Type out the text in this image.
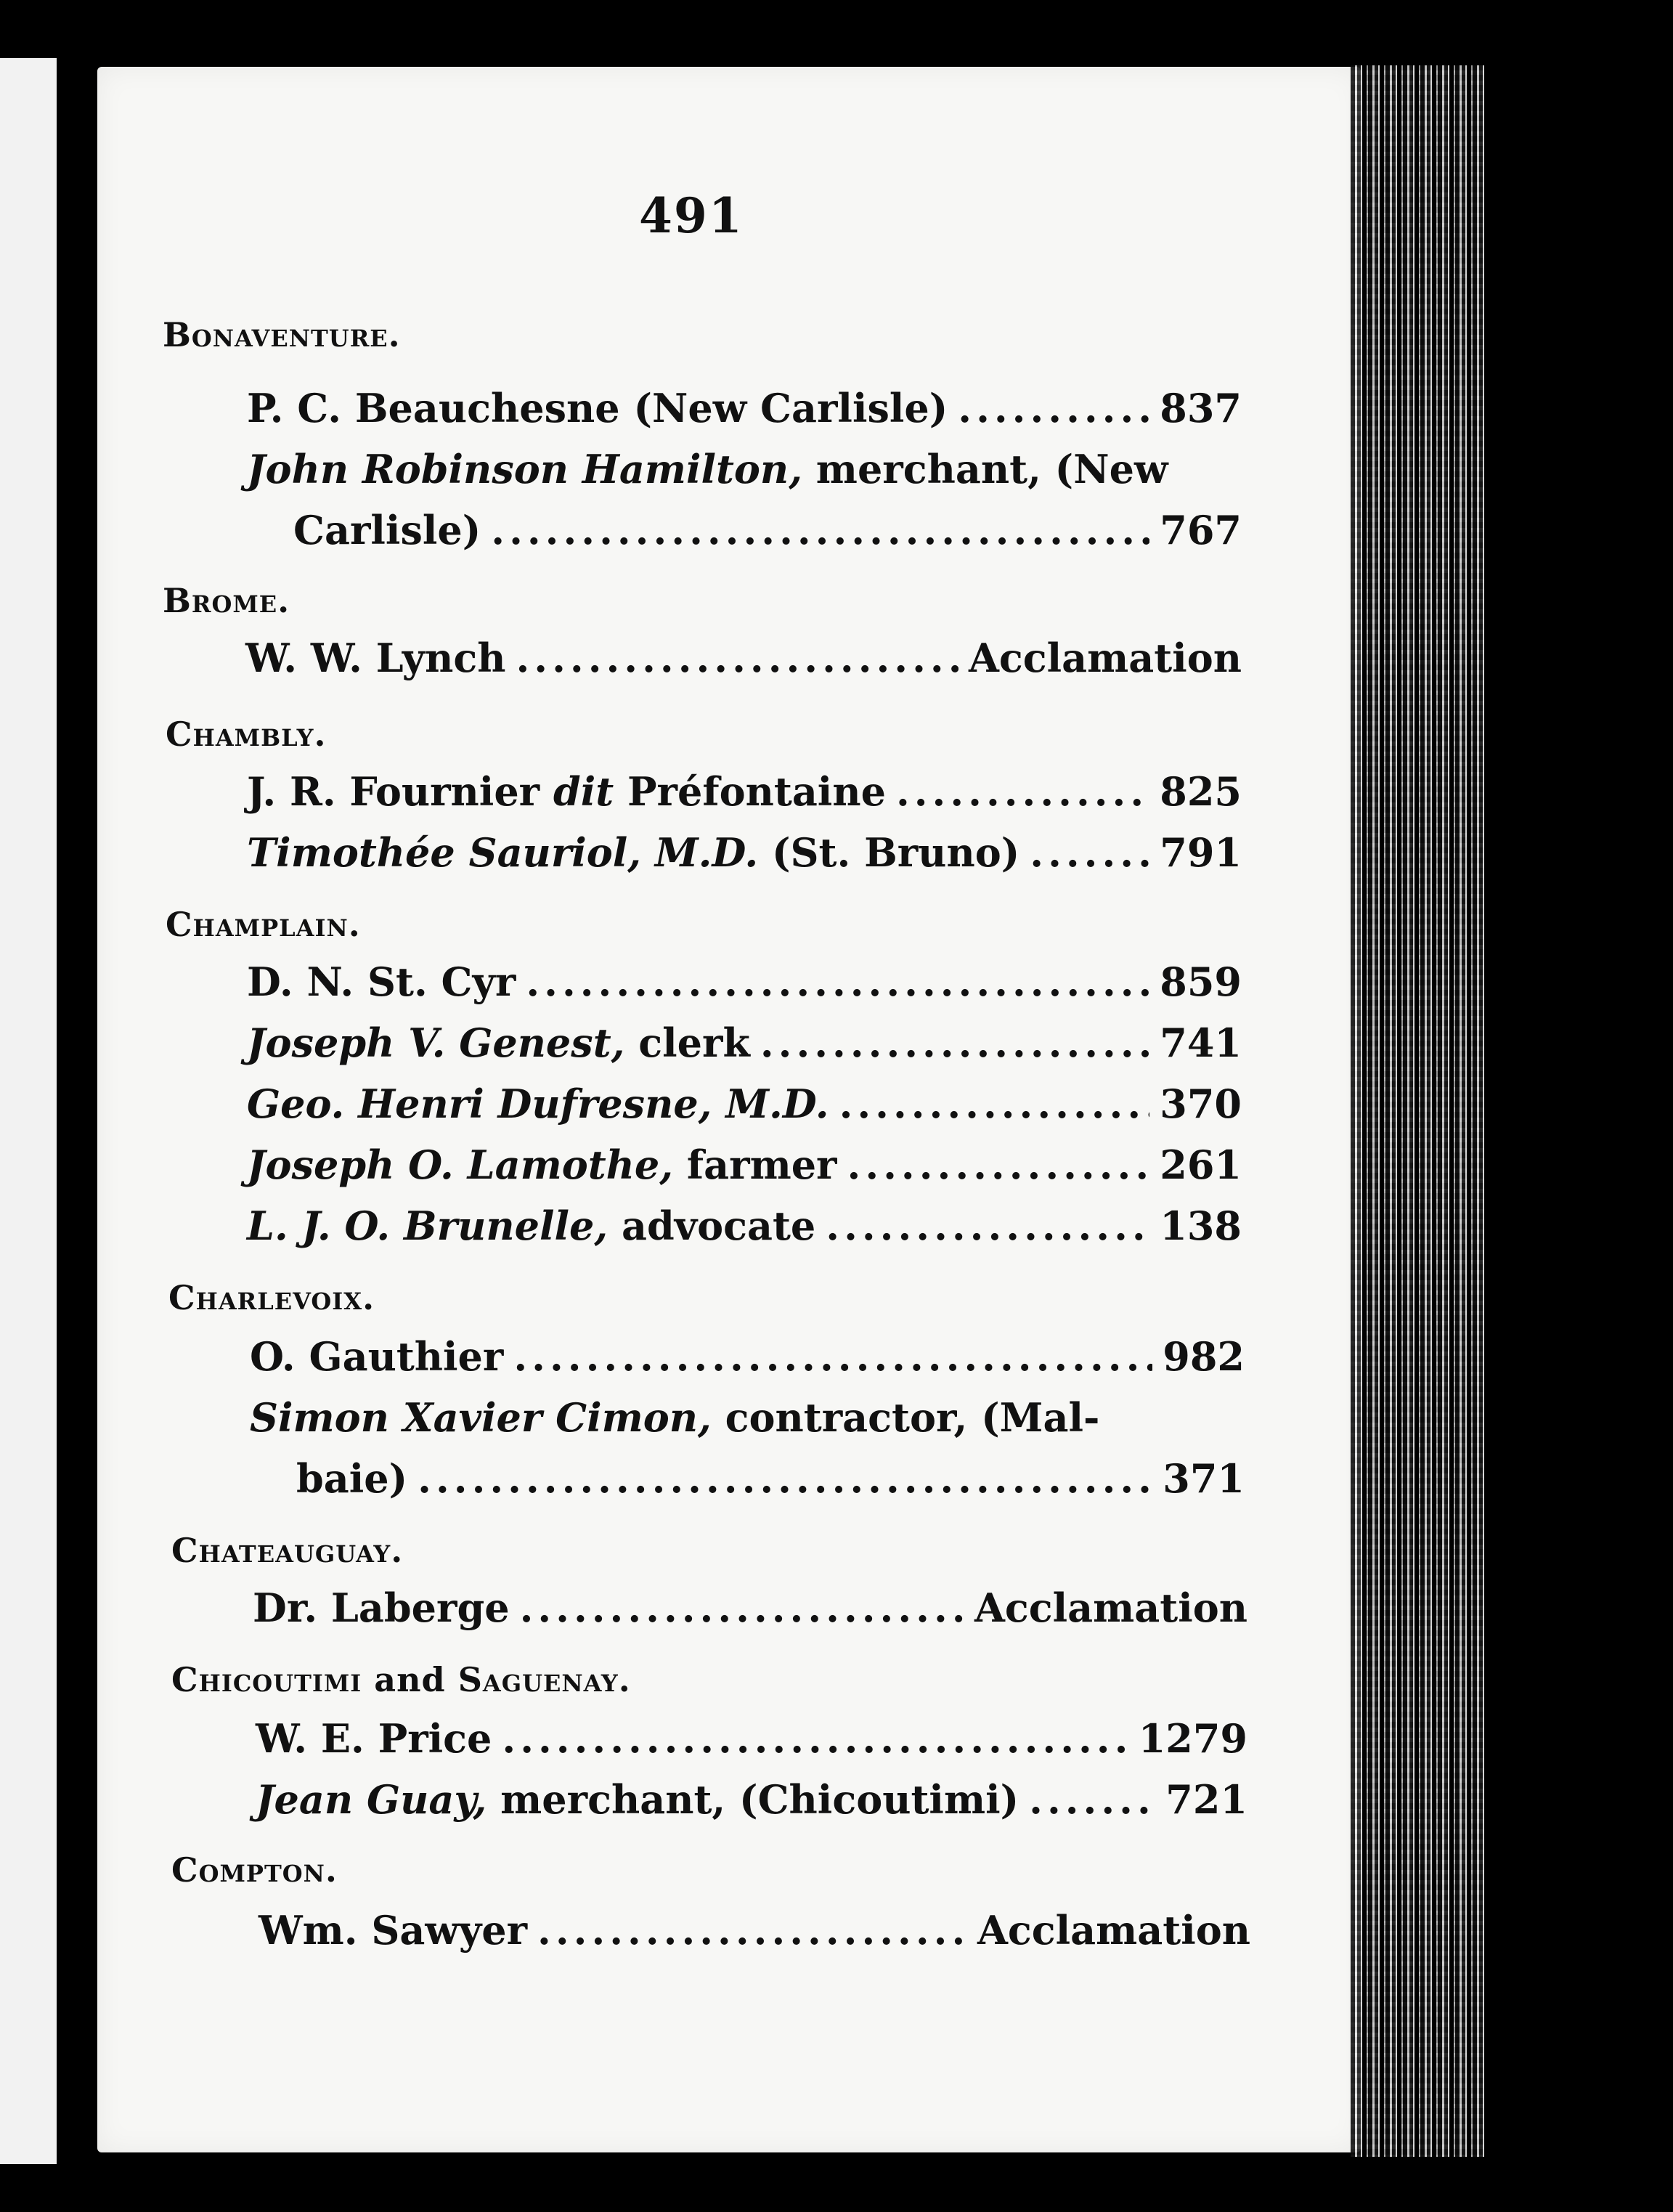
491
Bonaventure.
P. C. Beauchesne (New Carlisle) .....	837
John Robinson Hamilton, merchant, (New
Carlisle) .....	767
Brome.
W. W. Lynch .....	Acclamation
Chambly.
J. R. Fournier dit Préfontaine .....	825
Timothée Sauriol, M.D. (St. Bruno) .....	791
Champlain.
D. N. St. Cyr .....	859
Joseph V. Genest, clerk .....	741
Geo. Henri Dufresne, M.D. .....	370
Joseph O. Lamothe, farmer .....	261
L. J. O. Brunelle, advocate .....	138
Charlevoix.
O. Gauthier .....	982
Simon Xavier Cimon, contractor, (Mal-
baie) .....	371
Chateauguay.
Dr. Laberge .....	Acclamation
Chicoutimi and Saguenay.
W. E. Price .....	1279
Jean Guay, merchant, (Chicoutimi) .....	721
Compton.
Wm. Sawyer .....	Acclamation
